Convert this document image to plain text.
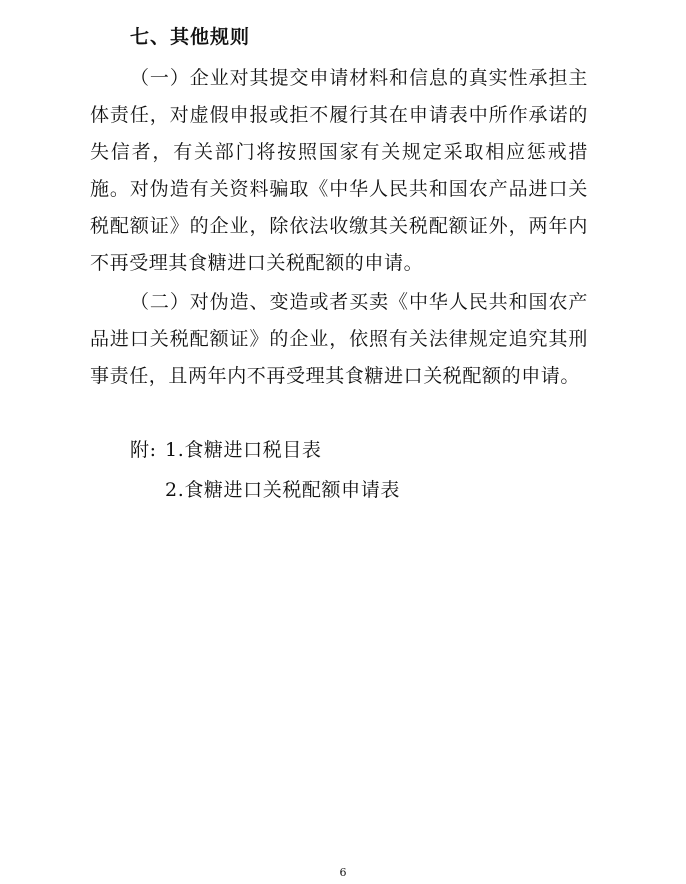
七、其他规则

（一）企业对其提交申请材料和信息的真实性承担主体责任，对虚假申报或拒不履行其在申请表中所作承诺的失信者，有关部门将按照国家有关规定采取相应惩戒措施。对伪造有关资料骗取《中华人民共和国农产品进口关税配额证》的企业，除依法收缴其关税配额证外，两年内不再受理其食糖进口关税配额的申请。

（二）对伪造、变造或者买卖《中华人民共和国农产品进口关税配额证》的企业，依照有关法律规定追究其刑事责任，且两年内不再受理其食糖进口关税配额的申请。

附: 1.食糖进口税目表
2.食糖进口关税配额申请表
6
